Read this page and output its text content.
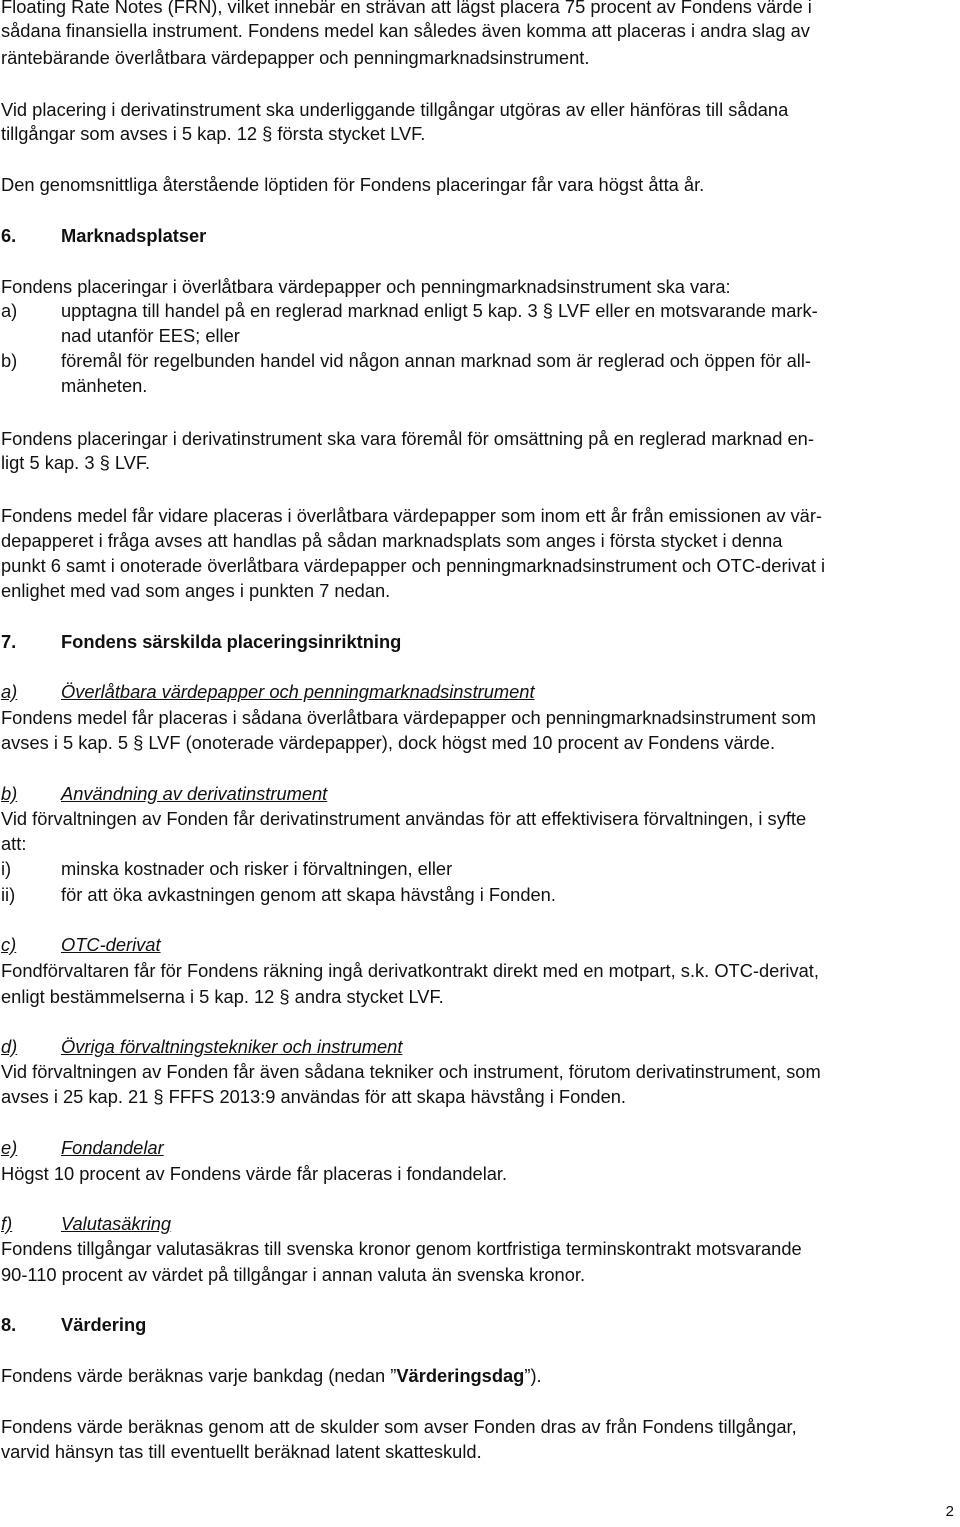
Floating Rate Notes (FRN), vilket innebär en strävan att lägst placera 75 procent av Fondens värde i
sådana finansiella instrument. Fondens medel kan således även komma att placeras i andra slag av
räntebärande överlåtbara värdepapper och penningmarknadsinstrument.
Vid placering i derivatinstrument ska underliggande tillgångar utgöras av eller hänföras till sådana
tillgångar som avses i 5 kap. 12 § första stycket LVF.
Den genomsnittliga återstående löptiden för Fondens placeringar får vara högst åtta år.
6. Marknadsplatser
Fondens placeringar i överlåtbara värdepapper och penningmarknadsinstrument ska vara:
a) upptagna till handel på en reglerad marknad enligt 5 kap. 3 § LVF eller en motsvarande mark-
nad utanför EES; eller
b) föremål för regelbunden handel vid någon annan marknad som är reglerad och öppen för all-
mänheten.
Fondens placeringar i derivatinstrument ska vara föremål för omsättning på en reglerad marknad en-
ligt 5 kap. 3 § LVF.
Fondens medel får vidare placeras i överlåtbara värdepapper som inom ett år från emissionen av vär-
depapperet i fråga avses att handlas på sådan marknadsplats som anges i första stycket i denna
punkt 6 samt i onoterade överlåtbara värdepapper och penningmarknadsinstrument och OTC-derivat i
enlighet med vad som anges i punkten 7 nedan.
7. Fondens särskilda placeringsinriktning
a) Överlåtbara värdepapper och penningmarknadsinstrument
Fondens medel får placeras i sådana överlåtbara värdepapper och penningmarknadsinstrument som
avses i 5 kap. 5 § LVF (onoterade värdepapper), dock högst med 10 procent av Fondens värde.
b) Användning av derivatinstrument
Vid förvaltningen av Fonden får derivatinstrument användas för att effektivisera förvaltningen, i syfte
att:
i)	minska kostnader och risker i förvaltningen, eller
ii)	för att öka avkastningen genom att skapa hävstång i Fonden.
c) OTC-derivat
Fondförvaltaren får för Fondens räkning ingå derivatkontrakt direkt med en motpart, s.k. OTC-derivat,
enligt bestämmelserna i 5 kap. 12 § andra stycket LVF.
d) Övriga förvaltningstekniker och instrument
Vid förvaltningen av Fonden får även sådana tekniker och instrument, förutom derivatinstrument, som
avses i 25 kap. 21 § FFFS 2013:9 användas för att skapa hävstång i Fonden.
e) Fondandelar
Högst 10 procent av Fondens värde får placeras i fondandelar.
f)	Valutasäkring
Fondens tillgångar valutasäkras till svenska kronor genom kortfristiga terminskontrakt motsvarande
90-110 procent av värdet på tillgångar i annan valuta än svenska kronor.
8. Värdering
Fondens värde beräknas varje bankdag (nedan ”Värderingsdag”).
Fondens värde beräknas genom att de skulder som avser Fonden dras av från Fondens tillgångar,
varvid hänsyn tas till eventuellt beräknad latent skatteskuld.
2
